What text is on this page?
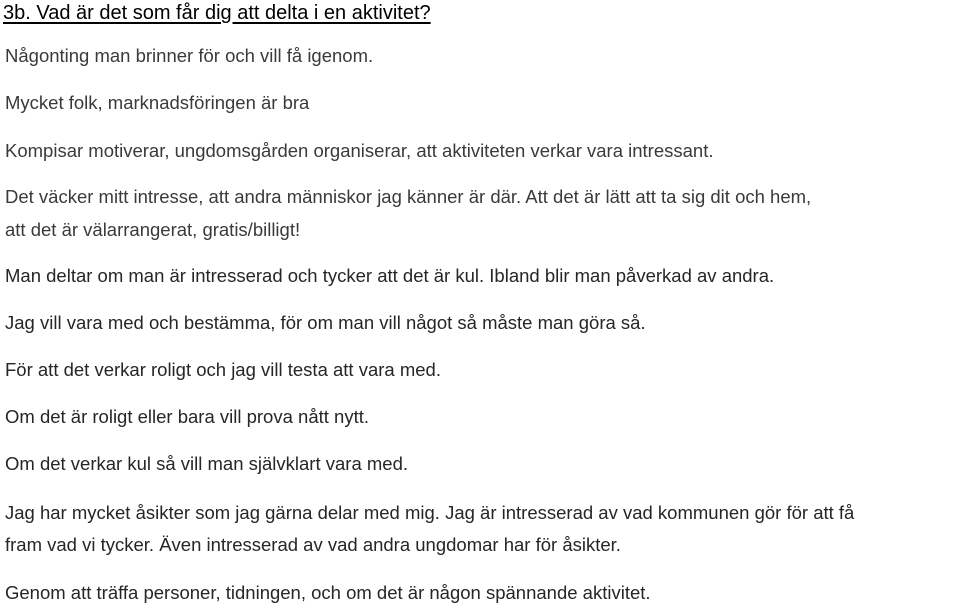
3b. Vad är det som får dig att delta i en aktivitet?

Någonting man brinner för och vill få igenom.

Mycket folk, marknadsföringen är bra

Kompisar motiverar, ungdomsgården organiserar, att aktiviteten verkar vara intressant.

Det väcker mitt intresse, att andra människor jag känner är där. Att det är lätt att ta sig dit och hem,

att det är välarrangerat, gratis/billigt!

Man deltar om man är intresserad och tycker att det är kul. Ibland blir man påverkad av andra.

Jag vill vara med och bestämma, för om man vill något så måste man göra så.

För att det verkar roligt och jag vill testa att vara med.

Om det är roligt eller bara vill prova nått nytt.

Om det verkar kul så vill man självklart vara med.

Jag har mycket åsikter som jag gärna delar med mig. Jag är intresserad av vad kommunen gör för att få

fram vad vi tycker. Även intresserad av vad andra ungdomar har för åsikter.

Genom att träffa personer, tidningen, och om det är någon spännande aktivitet.
